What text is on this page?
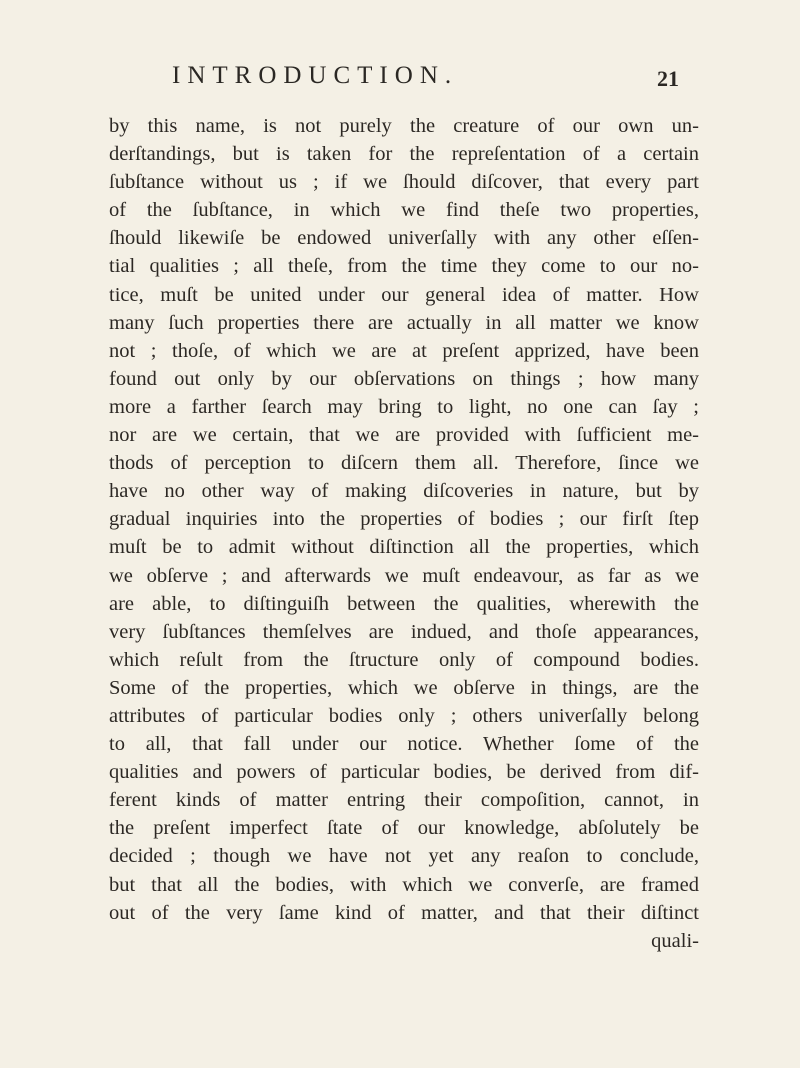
INTRODUCTION.	21
by this name, is not purely the creature of our own un-
derſtandings, but is taken for the repreſentation of a certain
ſubſtance without us ; if we ſhould diſcover, that every part
of the ſubſtance, in which we find theſe two properties,
ſhould likewiſe be endowed univerſally with any other eſſen-
tial qualities ; all theſe, from the time they come to our no-
tice, muſt be united under our general idea of matter. How
many ſuch properties there are actually in all matter we know
not ; thoſe, of which we are at preſent apprized, have been
found out only by our obſervations on things ; how many
more a farther ſearch may bring to light, no one can ſay ;
nor are we certain, that we are provided with ſufficient me-
thods of perception to diſcern them all. Therefore, ſince we
have no other way of making diſcoveries in nature, but by
gradual inquiries into the properties of bodies ; our firſt ſtep
muſt be to admit without diſtinction all the properties, which
we obſerve ; and afterwards we muſt endeavour, as far as we
are able, to diſtinguiſh between the qualities, wherewith the
very ſubſtances themſelves are indued, and thoſe appearances,
which reſult from the ſtructure only of compound bodies.
Some of the properties, which we obſerve in things, are the
attributes of particular bodies only ; others univerſally belong
to all, that fall under our notice. Whether ſome of the
qualities and powers of particular bodies, be derived from dif-
ferent kinds of matter entring their compoſition, cannot, in
the preſent imperfect ſtate of our knowledge, abſolutely be
decided ; though we have not yet any reaſon to conclude,
but that all the bodies, with which we converſe, are framed
out of the very ſame kind of matter, and that their diſtinct
quali-
